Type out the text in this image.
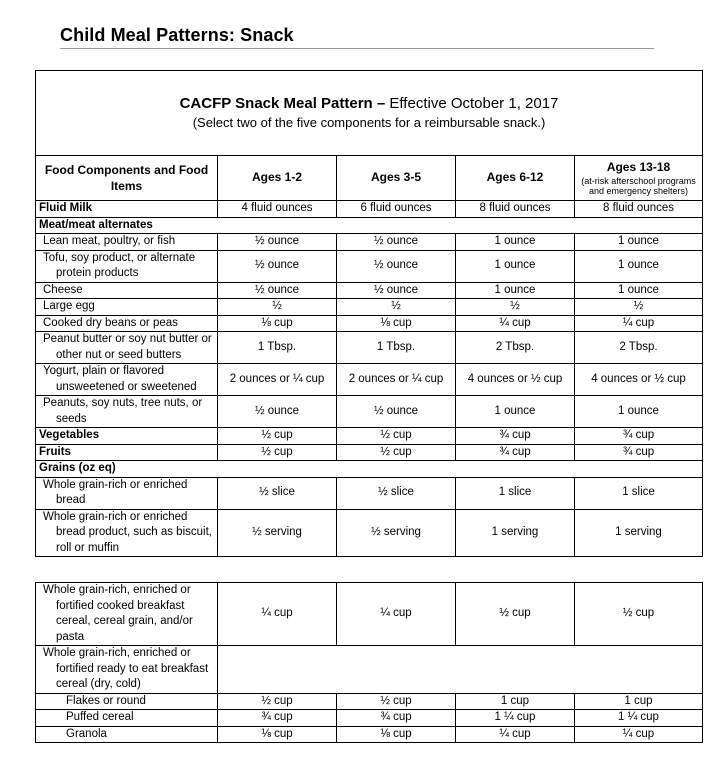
Child Meal Patterns: Snack
CACFP Snack Meal Pattern – Effective October 1, 2017
(Select two of the five components for a reimbursable snack.)				

Food Components and Food Items	Ages 1-2	Ages 3-5	Ages 6-12	Ages 13-18
(at-risk afterschool programs and emergency shelters)

Fluid Milk	4 fluid ounces	6 fluid ounces	8 fluid ounces	8 fluid ounces
Meat/meat alternates				
Lean meat, poultry, or fish	½ ounce	½ ounce	1 ounce	1 ounce
Tofu, soy product, or alternate protein products	½ ounce	½ ounce	1 ounce	1 ounce
Cheese	½ ounce	½ ounce	1 ounce	1 ounce
Large egg	½	½	½	½
Cooked dry beans or peas	⅛ cup	⅛ cup	¼ cup	¼ cup
Peanut butter or soy nut butter or other nut or seed butters	1 Tbsp.	1 Tbsp.	2 Tbsp.	2 Tbsp.
Yogurt, plain or flavored unsweetened or sweetened	2 ounces or ¼ cup	2 ounces or ¼ cup	4 ounces or ½ cup	4 ounces or ½ cup
Peanuts, soy nuts, tree nuts, or seeds	½ ounce	½ ounce	1 ounce	1 ounce
Vegetables	½ cup	½ cup	¾ cup	¾ cup
Fruits	½ cup	½ cup	¾ cup	¾ cup
Grains (oz eq)				
Whole grain-rich or enriched bread	½ slice	½ slice	1 slice	1 slice
Whole grain-rich or enriched bread product, such as biscuit, roll or muffin	½ serving	½ serving	1 serving	1 serving
Whole grain-rich, enriched or fortified cooked breakfast cereal, cereal grain, and/or pasta	¼ cup	¼ cup	½ cup	½ cup
Whole grain-rich, enriched or fortified ready to eat breakfast cereal (dry, cold)				
Flakes or round	½ cup	½ cup	1 cup	1 cup
Puffed cereal	¾ cup	¾ cup	1 ¼ cup	1 ¼ cup
Granola	⅛ cup	⅛ cup	¼ cup	¼ cup
